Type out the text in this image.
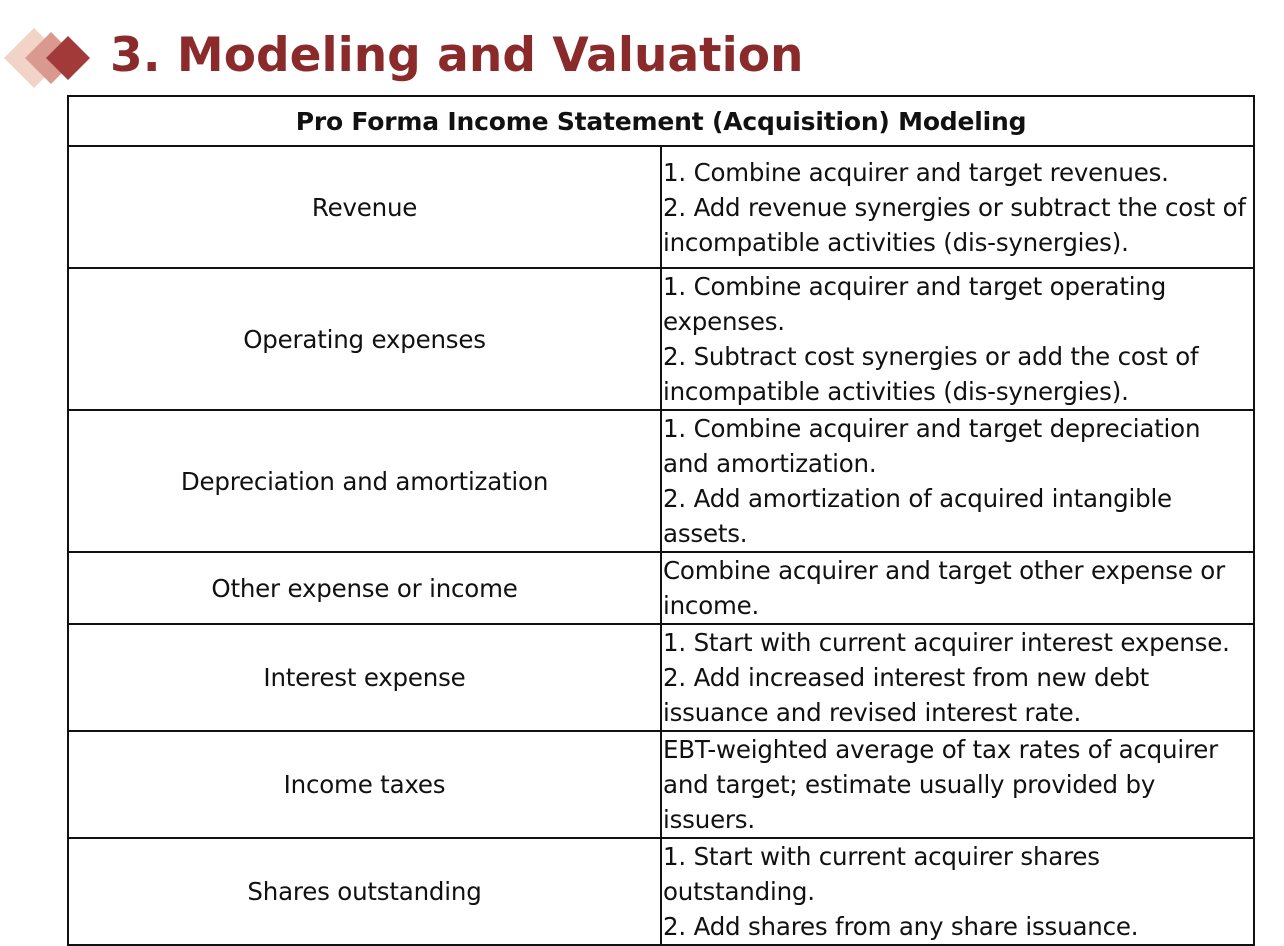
3. Modeling and Valuation
Pro Forma Income Statement (Acquisition) Modeling	
Revenue	1. Combine acquirer and target revenues.
2. Add revenue synergies or subtract the cost of incompatible activities (dis-synergies).

Operating expenses	1. Combine acquirer and target operating expenses.
2. Subtract cost synergies or add the cost of incompatible activities (dis-synergies).

Depreciation and amortization	1. Combine acquirer and target depreciation and amortization.
2. Add amortization of acquired intangible assets.

Other expense or income	Combine acquirer and target other expense or income.

Interest expense	1. Start with current acquirer interest expense.
2. Add increased interest from new debt issuance and revised interest rate.

Income taxes	EBT-weighted average of tax rates of acquirer and target; estimate usually provided by issuers.

Shares outstanding	1. Start with current acquirer shares outstanding.
2. Add shares from any share issuance.
